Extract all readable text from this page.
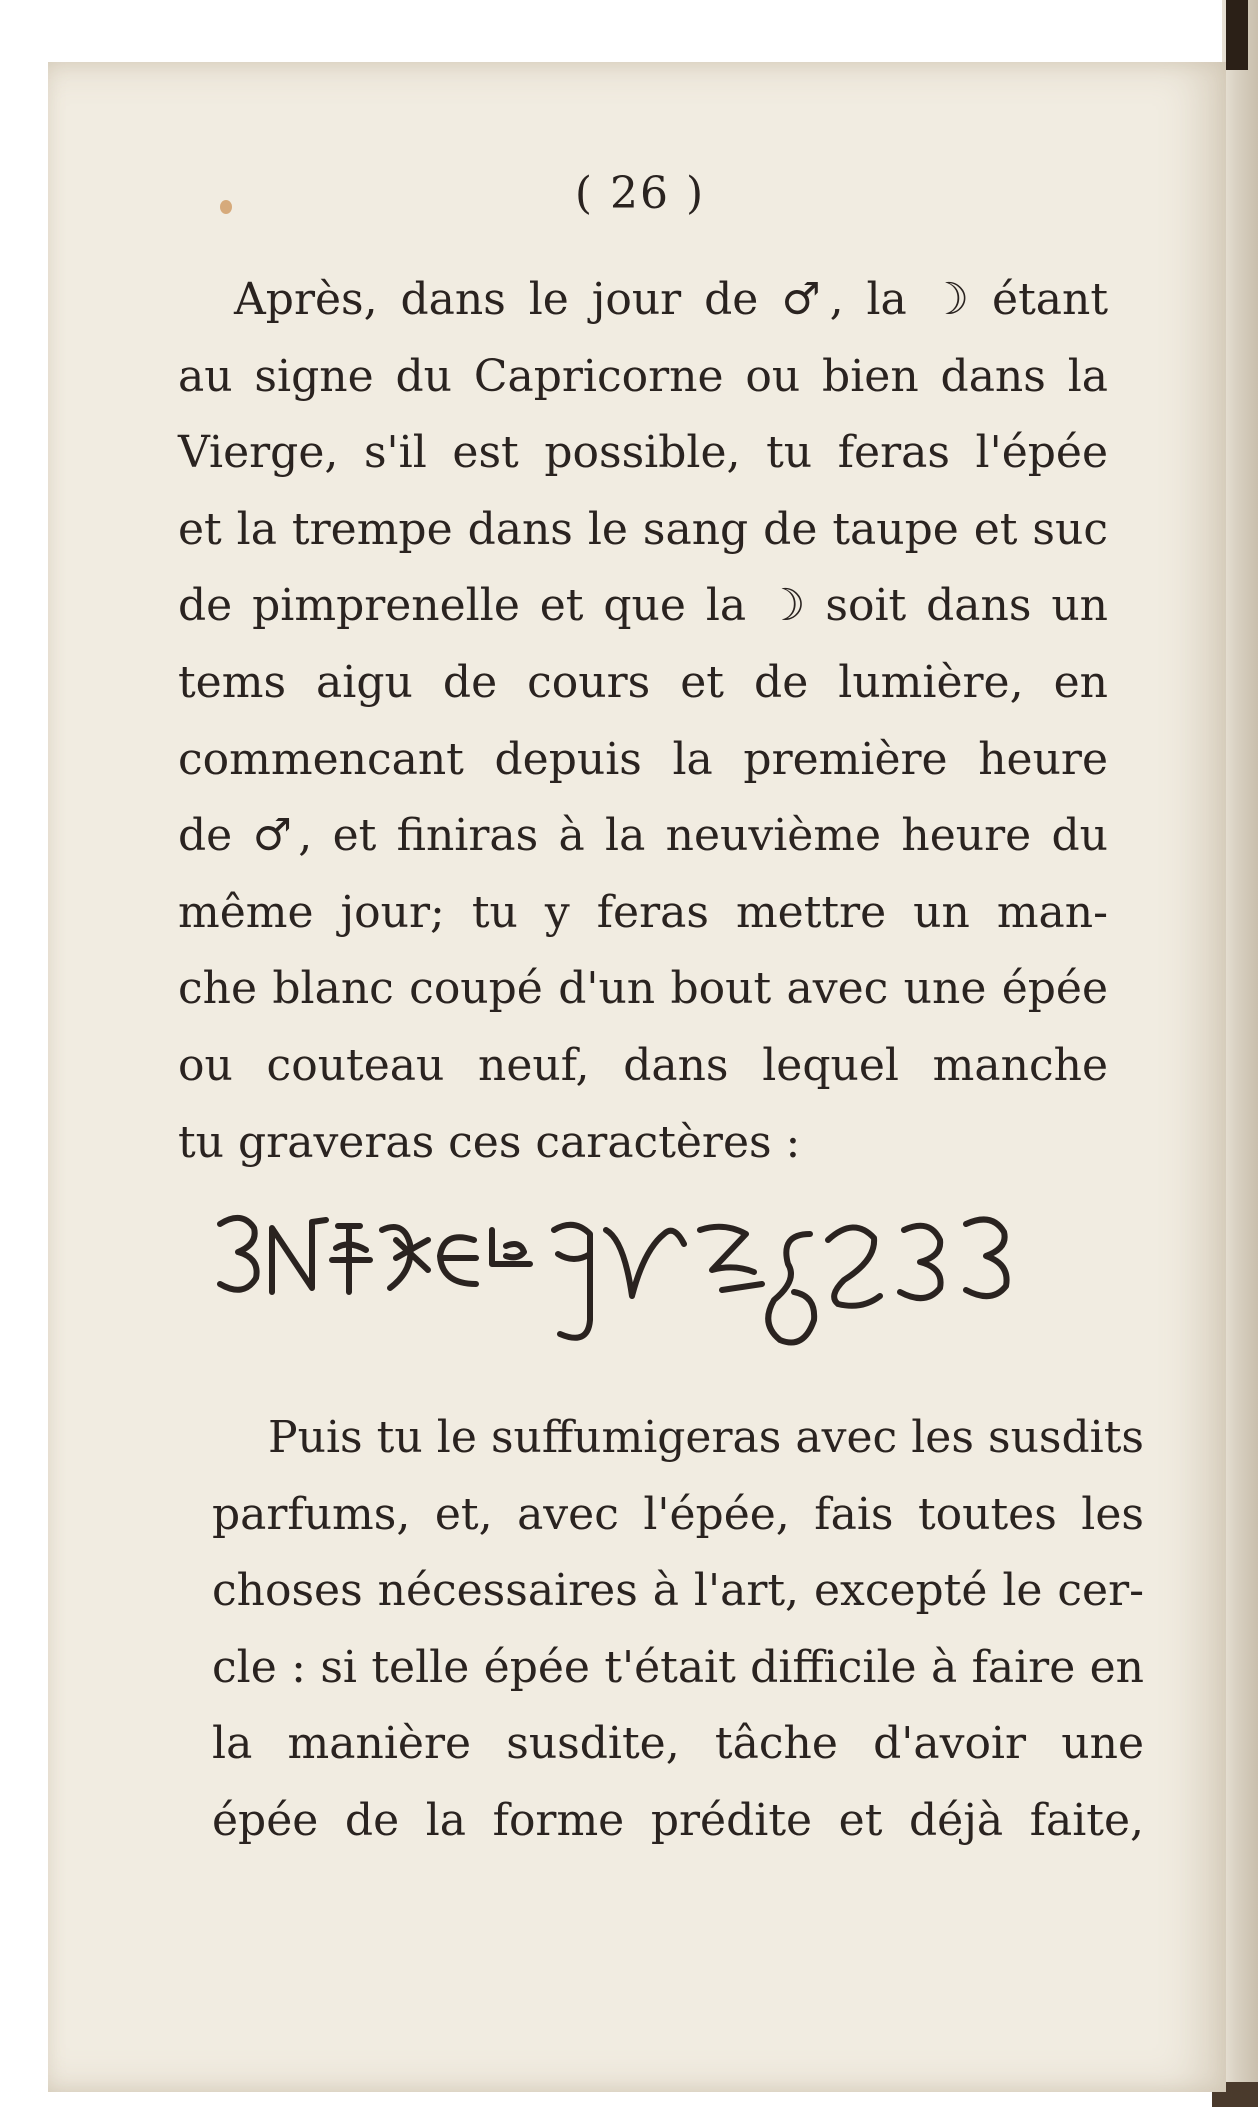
( 26 )
Après, dans le jour de ♂, la ☽ étant
au signe du Capricorne ou bien dans la
Vierge, s'il est possible, tu feras l'épée
et la trempe dans le sang de taupe et suc
de pimprenelle et que la ☽ soit dans un
tems aigu de cours et de lumière, en
commencant depuis la première heure
de ♂, et finiras à la neuvième heure du
même jour; tu y feras mettre un man-
che blanc coupé d'un bout avec une épée
ou couteau neuf, dans lequel manche
tu graveras ces caractères :
Puis tu le suffumigeras avec les susdits
parfums, et, avec l'épée, fais toutes les
choses nécessaires à l'art, excepté le cer-
cle : si telle épée t'était difficile à faire en
la manière susdite, tâche d'avoir une
épée de la forme prédite et déjà faite,
